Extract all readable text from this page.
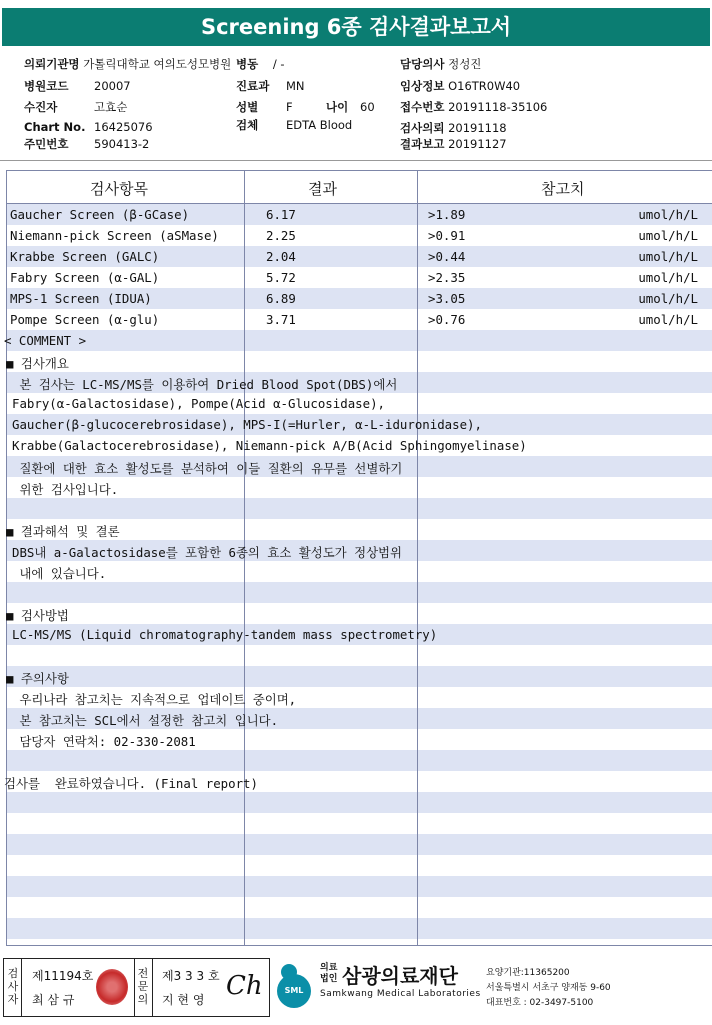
Screening 6종 검사결과보고서
의뢰기관명 가톨릭대학교 여의도성모병원 병동 / -	담당의사 정성진
병원코드 20007	진료과 MN	임상정보 O16TR0W40
수진자	고효순	성별 F	나이 60 접수번호 20191118-35106
Chart No. 16425076	검체 EDTA Blood	검사의뢰 20191118
주민번호 590413-2	결과보고 20191127
검사항목	결과	참고치
Gaucher Screen (β-GCase)	6.17	>1.89	umol/h/L
Niemann-pick Screen (aSMase)	2.25	>0.91	umol/h/L
Krabbe Screen (GALC)	2.04	>0.44	umol/h/L
Fabry Screen (α-GAL)	5.72	>2.35	umol/h/L
MPS-1 Screen (IDUA)	6.89	>3.05	umol/h/L
Pompe Screen (α-glu)	3.71	>0.76	umol/h/L
< COMMENT >
■ 검사개요
본 검사는 LC-MS/MS를 이용하여 Dried Blood Spot(DBS)에서
Fabry(α-Galactosidase), Pompe(Acid α-Glucosidase),
Gaucher(β-glucocerebrosidase), MPS-I(=Hurler, α-L-iduronidase),
Krabbe(Galactocerebrosidase), Niemann-pick A/B(Acid Sphingomyelinase)
질환에 대한 효소 활성도를 분석하여 이들 질환의 유무를 선별하기
위한 검사입니다.
■ 결과해석 및 결론
DBS내 a-Galactosidase를 포함한 6종의 효소 활성도가 정상범위
내에 있습니다.
■ 검사방법
LC-MS/MS (Liquid chromatography-tandem mass spectrometry)
■ 주의사항
우리나라 참고치는 지속적으로 업데이트 중이며,
본 참고치는 SCL에서 설정한 참고치 입니다.
담당자 연락처: 02-330-2081
검사를  완료하였습니다. (Final report)
검사자
제11194호
최 삼 규
전문의
제3 3 3 호
지 현 영 Ch	SML
의료 법인 삼광의료재단
Samkwang Medical Laboratories
요양기관:11365200
서울특별시 서초구 양재동 9-60
대표번호 : 02-3497-5100
